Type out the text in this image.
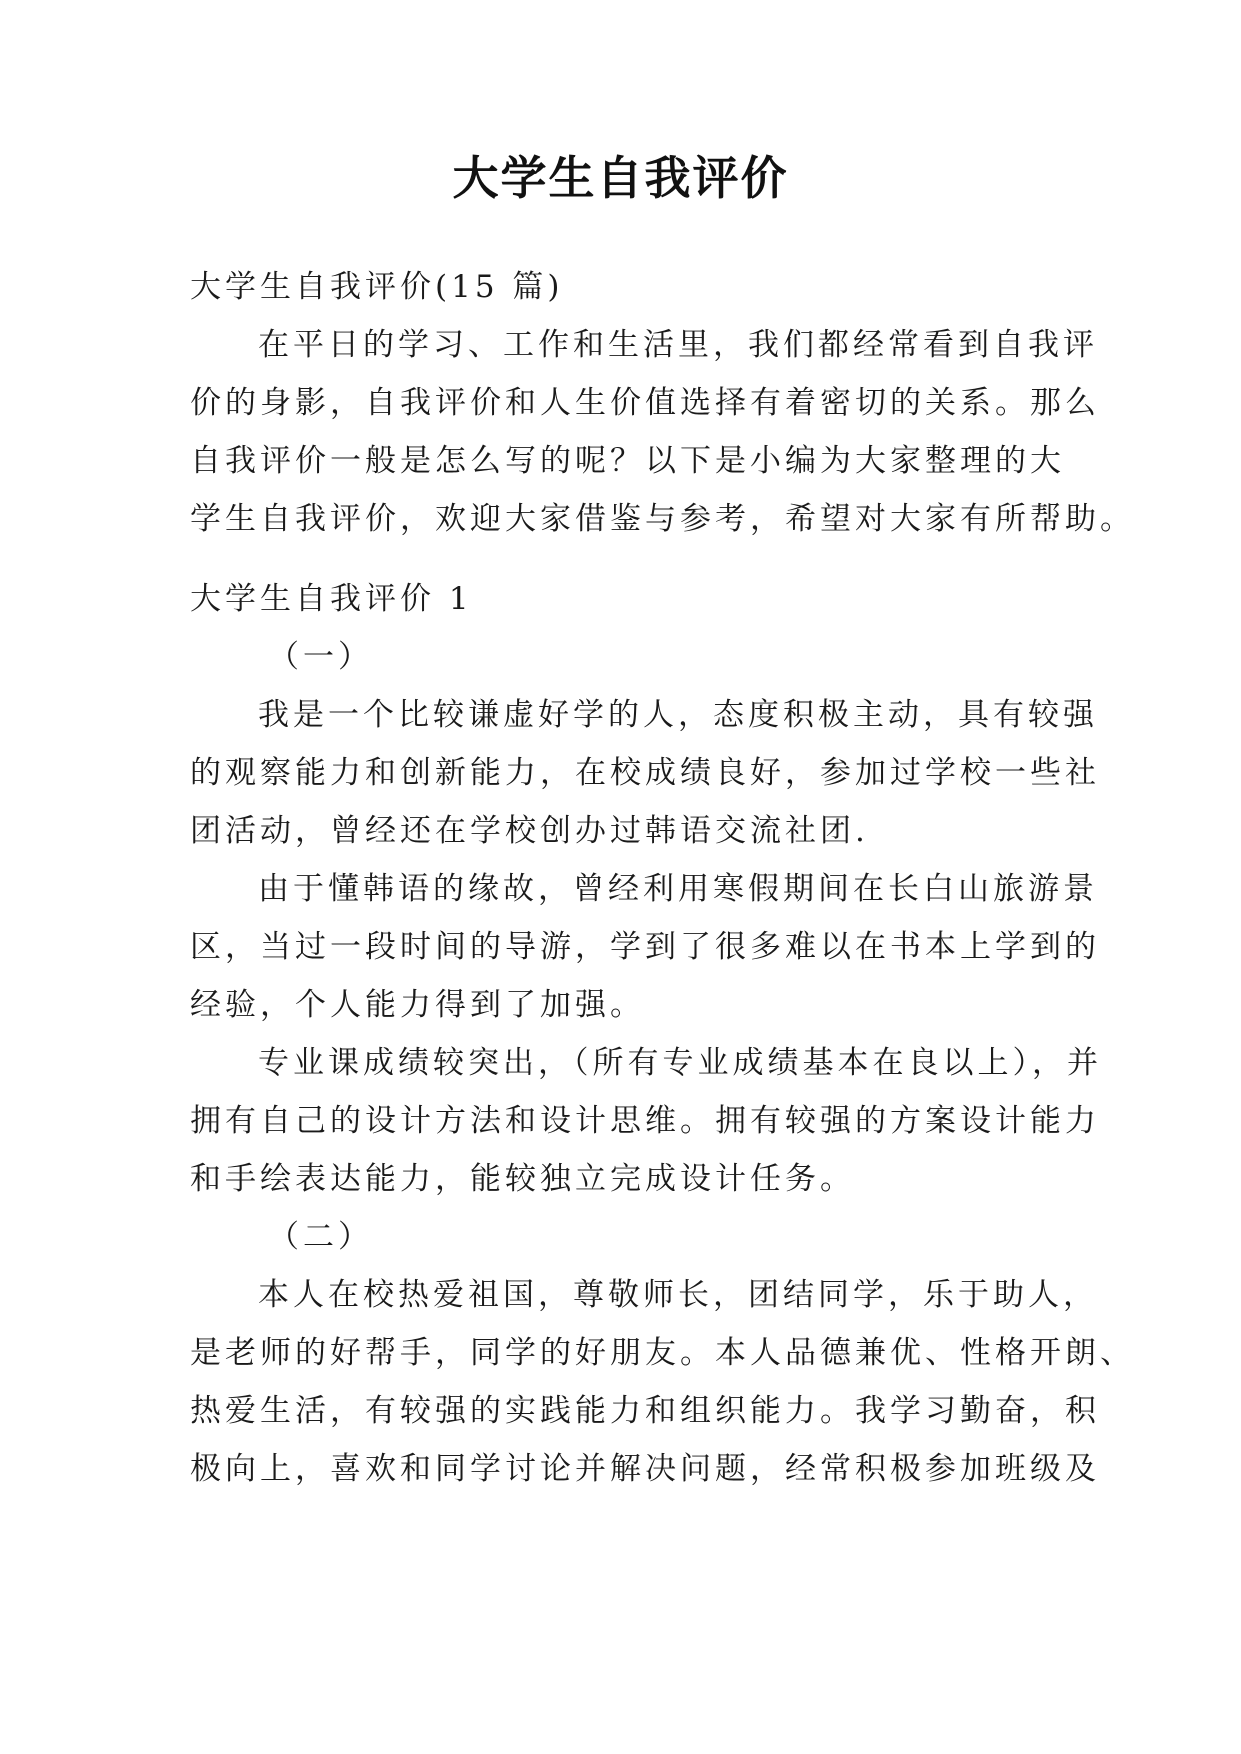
大学生自我评价
大学生自我评价(15 篇)
在平日的学习、工作和生活里，我们都经常看到自我评
价的身影，自我评价和人生价值选择有着密切的关系。那么
自我评价一般是怎么写的呢？以下是小编为大家整理的大
学生自我评价，欢迎大家借鉴与参考，希望对大家有所帮助。
大学生自我评价 1
（一）
我是一个比较谦虚好学的人，态度积极主动，具有较强
的观察能力和创新能力，在校成绩良好，参加过学校一些社
团活动，曾经还在学校创办过韩语交流社团.
由于懂韩语的缘故，曾经利用寒假期间在长白山旅游景
区，当过一段时间的导游，学到了很多难以在书本上学到的
经验，个人能力得到了加强。
专业课成绩较突出，（所有专业成绩基本在良以上），并
拥有自己的设计方法和设计思维。拥有较强的方案设计能力
和手绘表达能力，能较独立完成设计任务。
（二）
本人在校热爱祖国，尊敬师长，团结同学，乐于助人，
是老师的好帮手，同学的好朋友。本人品德兼优、性格开朗、
热爱生活，有较强的实践能力和组织能力。我学习勤奋，积
极向上，喜欢和同学讨论并解决问题，经常积极参加班级及
